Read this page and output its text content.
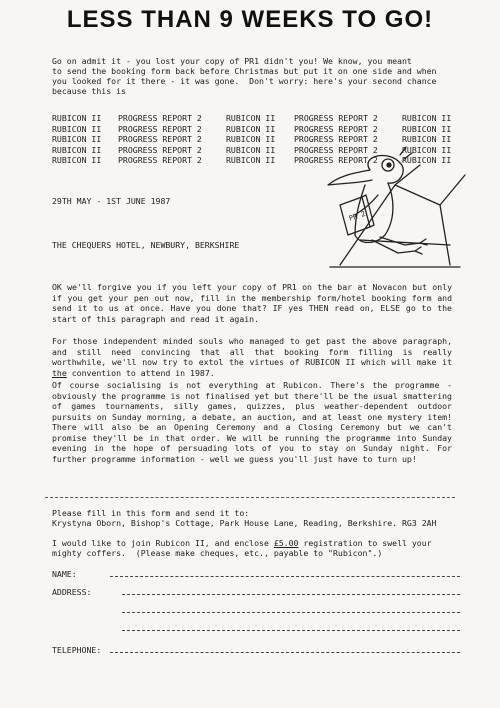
LESS THAN 9 WEEKS TO GO!
Go on admit it - you lost your copy of PR1 didn't you! We know, you meant
to send the booking form back before Christmas but put it on one side and when
you looked for it there - it was gone.  Don't worry: here's your second chance
because this is
RUBICON II	PROGRESS REPORT 2	RUBICON II	PROGRESS REPORT 2	RUBICON II
RUBICON II	PROGRESS REPORT 2	RUBICON II	PROGRESS REPORT 2	RUBICON II
RUBICON II	PROGRESS REPORT 2	RUBICON II	PROGRESS REPORT 2	RUBICON II
RUBICON II	PROGRESS REPORT 2	RUBICON II	PROGRESS REPORT 2	RUBICON II
RUBICON II	PROGRESS REPORT 2	RUBICON II	PROGRESS REPORT 2	RUBICON II
PR 2
29TH MAY - 1ST JUNE 1987
THE CHEQUERS HOTEL, NEWBURY, BERKSHIRE
OK we'll forgive you if you left your copy of PR1 on the bar at Novacon but only if you get your pen out now, fill in the membership form/hotel booking form and send it to us at once. Have you done that? IF yes THEN read on, ELSE go to the start of this paragraph and read it again.
For those independent minded souls who managed to get past the above paragraph, and still need convincing that all that booking form filling is really worthwhile, we'll now try to extol the virtues of RUBICON II which will make it the convention to attend in 1987.
Of course socialising is not everything at Rubicon. There's the programme - obviously the programme is not finalised yet but there'll be the usual smattering of games tournaments, silly games, quizzes, plus weather-dependent outdoor pursuits on Sunday morning, a debate, an auction, and at least one mystery item! There will also be an Opening Ceremony and a Closing Ceremony but we can't promise they'll be in that order. We will be running the programme into Sunday evening in the hope of persuading lots of you to stay on Sunday night. For further programme information - well we guess you'll just have to turn up!
Please fill in this form and send it to:
Krystyna Oborn, Bishop's Cottage, Park House Lane, Reading, Berkshire. RG3 2AH
I would like to join Rubicon II, and enclose £5.00 registration to swell your
mighty coffers.  (Please make cheques, etc., payable to "Rubicon".)
NAME:
ADDRESS:
TELEPHONE:
